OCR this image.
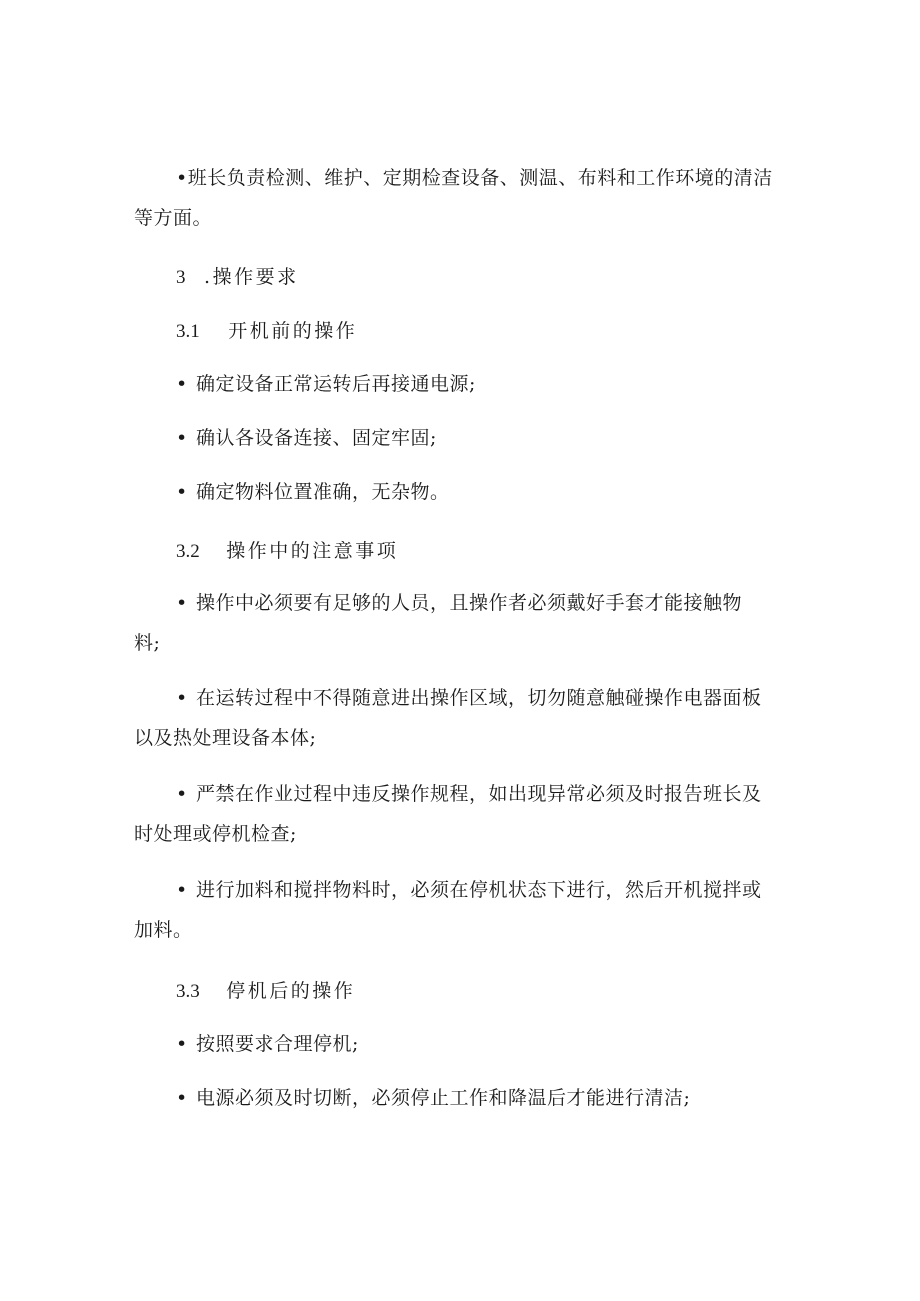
•班长负责检测、维护、定期检查设备、测温、布料和工作环境的清洁
等方面。
3 .操作要求
3.1 开机前的操作
• 确定设备正常运转后再接通电源;
• 确认各设备连接、固定牢固;
• 确定物料位置准确，无杂物。
3.2 操作中的注意事项
• 操作中必须要有足够的人员，且操作者必须戴好手套才能接触物
料;
• 在运转过程中不得随意进出操作区域，切勿随意触碰操作电器面板
以及热处理设备本体;
• 严禁在作业过程中违反操作规程，如出现异常必须及时报告班长及
时处理或停机检查;
• 进行加料和搅拌物料时，必须在停机状态下进行，然后开机搅拌或
加料。
3.3 停机后的操作
• 按照要求合理停机;
• 电源必须及时切断，必须停止工作和降温后才能进行清洁;
